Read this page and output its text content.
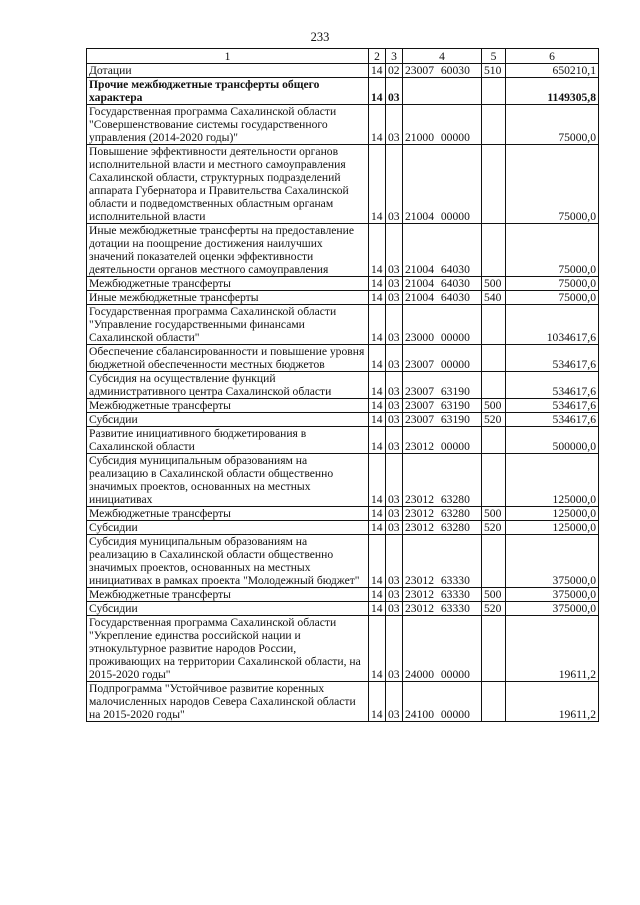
233
1	2	3	4	5	6
Дотации	14	02	23007 60030	510	650210,1
Прочие межбюджетные трансферты общего характера	14	03			1149305,8
Государственная программа Сахалинской области "Совершенствование системы государственного управления (2014-2020 годы)"	14	03	21000 00000		75000,0
Повышение эффективности деятельности органов исполнительной власти и местного самоуправления Сахалинской области, структурных подразделений аппарата Губернатора и Правительства Сахалинской области и подведомственных областным органам исполнительной власти	14	03	21004 00000		75000,0
Иные межбюджетные трансферты на предоставление дотации на поощрение достижения наилучших значений показателей оценки эффективности деятельности органов местного самоуправления	14	03	21004 64030		75000,0
Межбюджетные трансферты	14	03	21004 64030	500	75000,0
Иные межбюджетные трансферты	14	03	21004 64030	540	75000,0
Государственная программа Сахалинской области "Управление государственными финансами Сахалинской области"	14	03	23000 00000		1034617,6
Обеспечение сбалансированности и повышение уровня бюджетной обеспеченности местных бюджетов	14	03	23007 00000		534617,6
Субсидия на осуществление функций административного центра Сахалинской области	14	03	23007 63190		534617,6
Межбюджетные трансферты	14	03	23007 63190	500	534617,6
Субсидии	14	03	23007 63190	520	534617,6
Развитие инициативного бюджетирования в Сахалинской области	14	03	23012 00000		500000,0
Субсидия муниципальным образованиям на реализацию в Сахалинской области общественно значимых проектов, основанных на местных инициативах	14	03	23012 63280		125000,0
Межбюджетные трансферты	14	03	23012 63280	500	125000,0
Субсидии	14	03	23012 63280	520	125000,0
Субсидия муниципальным образованиям на реализацию в Сахалинской области общественно значимых проектов, основанных на местных инициативах в рамках проекта "Молодежный бюджет"	14	03	23012 63330		375000,0
Межбюджетные трансферты	14	03	23012 63330	500	375000,0
Субсидии	14	03	23012 63330	520	375000,0
Государственная программа Сахалинской области "Укрепление единства российской нации и этнокультурное развитие народов России, проживающих на территории Сахалинской области, на 2015-2020 годы"	14	03	24000 00000		19611,2
Подпрограмма "Устойчивое развитие коренных малочисленных народов Севера Сахалинской области на 2015-2020 годы"	14	03	24100 00000		19611,2
